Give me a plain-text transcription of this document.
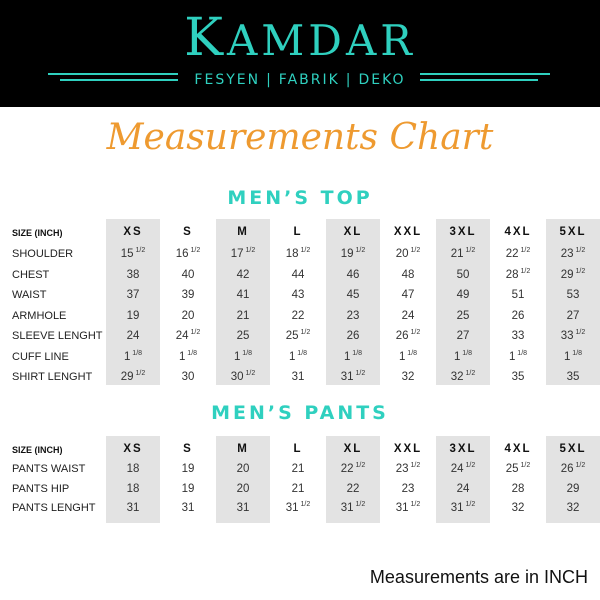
KAMDAR
FESYEN | FABRIK | DEKO
Measurements Chart
MEN’S TOP
SIZE (INCH)	XS	S	M	L	XL	XXL	3XL	4XL	5XL
SHOULDER	15 $^{1/2}$	16 $^{1/2}$	17 $^{1/2}$	18 $^{1/2}$	19 $^{1/2}$	20 $^{1/2}$	21 $^{1/2}$	22 $^{1/2}$	23 $^{1/2}$
CHEST	38	40	42	44	46	48	50	28 $^{1/2}$	29 $^{1/2}$
WAIST	37	39	41	43	45	47	49	51	53
ARMHOLE	19	20	21	22	23	24	25	26	27
SLEEVE LENGHT	24	24 $^{1/2}$	25	25 $^{1/2}$	26	26 $^{1/2}$	27	33	33 $^{1/2}$
CUFF LINE	1 $^{1/8}$	1 $^{1/8}$	1 $^{1/8}$	1 $^{1/8}$	1 $^{1/8}$	1 $^{1/8}$	1 $^{1/8}$	1 $^{1/8}$	1 $^{1/8}$
SHIRT LENGHT	29 $^{1/2}$	30	30 $^{1/2}$	31	31 $^{1/2}$	32	32 $^{1/2}$	35	35
MEN’S PANTS
SIZE (INCH)	XS	S	M	L	XL	XXL	3XL	4XL	5XL
PANTS WAIST	18	19	20	21	22 $^{1/2}$	23 $^{1/2}$	24 $^{1/2}$	25 $^{1/2}$	26 $^{1/2}$
PANTS HIP	18	19	20	21	22	23	24	28	29
PANTS LENGHT	31	31	31	31 $^{1/2}$	31 $^{1/2}$	31 $^{1/2}$	31 $^{1/2}$	32	32
Measurements are in INCH
